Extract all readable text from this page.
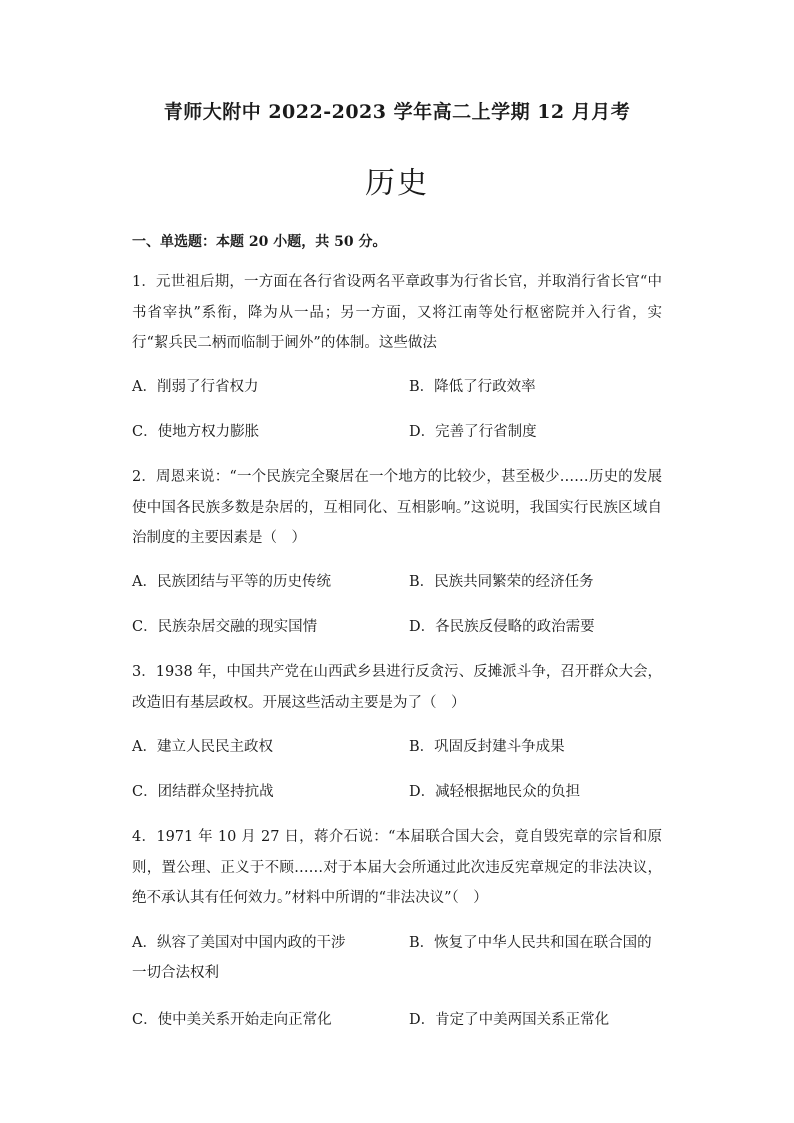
青师大附中 2022-2023 学年高二上学期 12 月月考
历史
一、单选题：本题 20 小题，共 50 分。
1．元世祖后期，一方面在各行省设两名平章政事为行省长官，并取消行省长官“中书省宰执”系衔，降为从一品；另一方面，又将江南等处行枢密院并入行省，实行“絜兵民二柄而临制于阃外”的体制。这些做法
A．削弱了行省权力	B．降低了行政效率
C．使地方权力膨胀	D．完善了行省制度
2．周恩来说：“一个民族完全聚居在一个地方的比较少，甚至极少……历史的发展使中国各民族多数是杂居的，互相同化、互相影响。”这说明，我国实行民族区域自治制度的主要因素是（　）
A．民族团结与平等的历史传统	B．民族共同繁荣的经济任务
C．民族杂居交融的现实国情	D．各民族反侵略的政治需要
3．1938 年，中国共产党在山西武乡县进行反贪污、反摊派斗争，召开群众大会，改造旧有基层政权。开展这些活动主要是为了（　）
A．建立人民民主政权	B．巩固反封建斗争成果
C．团结群众坚持抗战	D．减轻根据地民众的负担
4．1971 年 10 月 27 日，蒋介石说：“本届联合国大会，竟自毁宪章的宗旨和原则，置公理、正义于不顾……对于本届大会所通过此次违反宪章规定的非法决议，绝不承认其有任何效力。”材料中所谓的“非法决议”（　）
A．纵容了美国对中国内政的干涉	B．恢复了中华人民共和国在联合国的一切合法权利
C．使中美关系开始走向正常化	D．肯定了中美两国关系正常化
